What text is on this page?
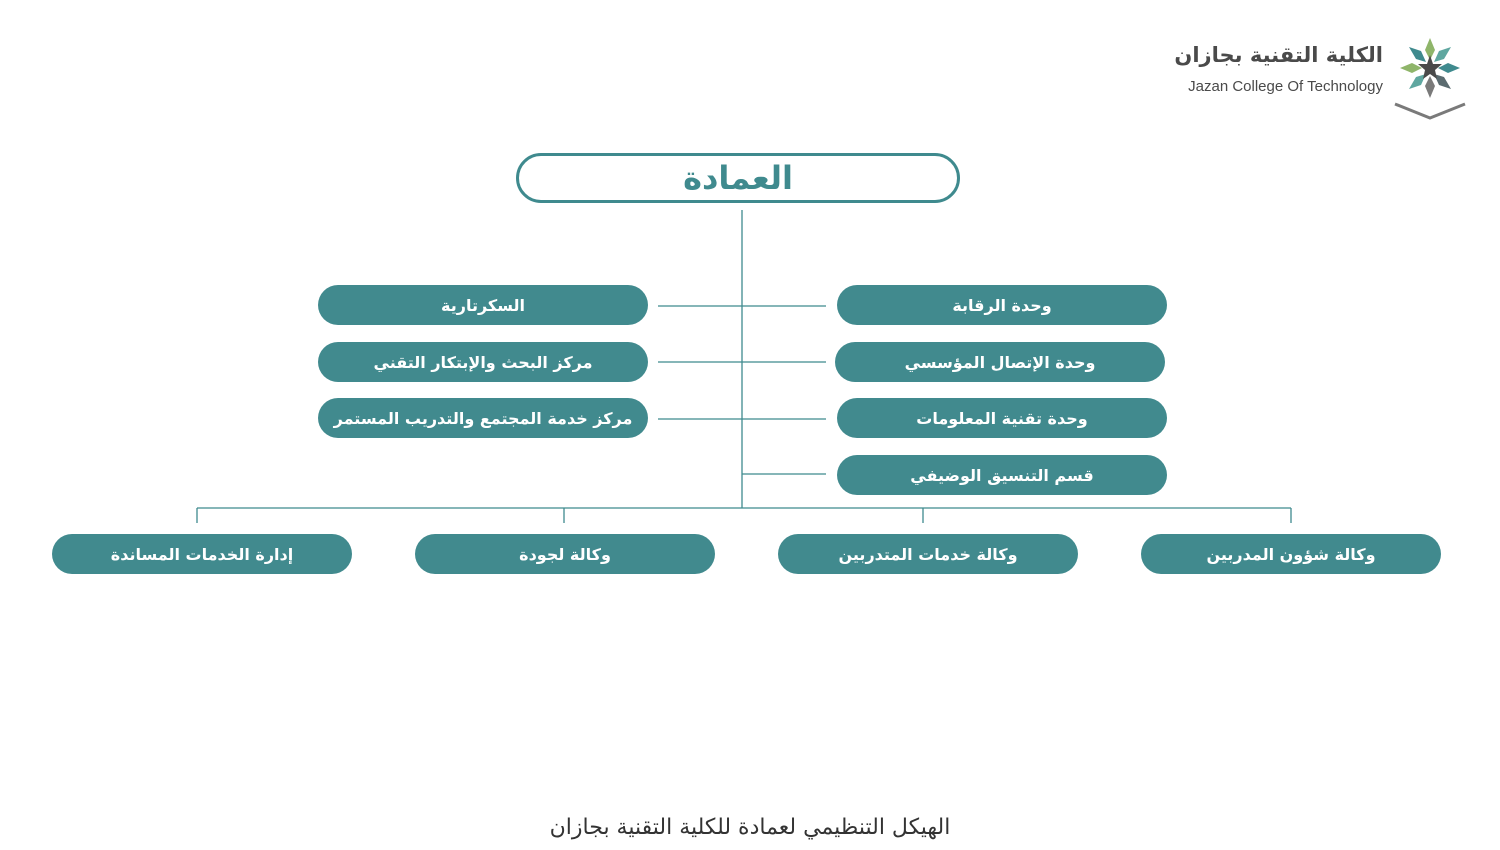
الكلية التقنية بجازان
Jazan College Of Technology
العمادة
وحدة الرقابة
وحدة الإتصال المؤسسي
وحدة تقنية المعلومات
قسم التنسيق الوضيفي
السكرتارية
مركز البحث والإبتكار التقني
مركز خدمة المجتمع والتدريب المستمر
وكالة شؤون المدربين
وكالة خدمات المتدربين
وكالة لجودة
إدارة الخدمات المساندة
الهيكل التنظيمي لعمادة للكلية التقنية بجازان
